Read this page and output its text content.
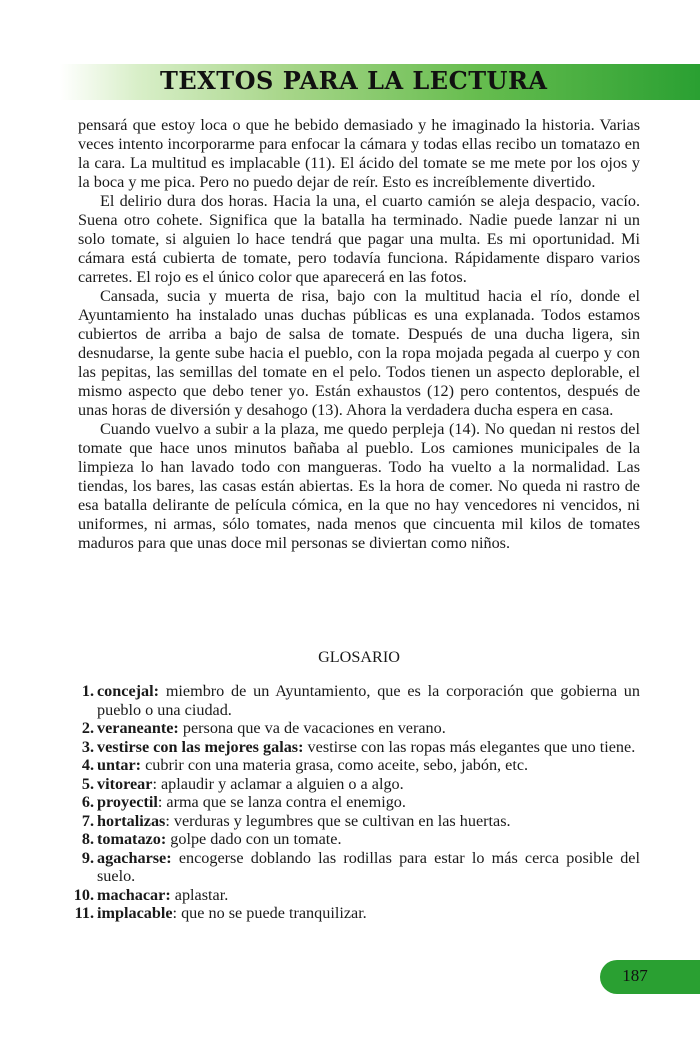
TEXTOS PARA LA LECTURA

pensará que estoy loca o que he bebido demasiado y he imaginado la historia. Varias veces intento incorporarme para enfocar la cámara y todas ellas recibo un tomatazo en la cara. La multitud es implacable (11). El ácido del tomate se me mete por los ojos y la boca y me pica. Pero no puedo dejar de reír. Esto es increíblemente divertido.

El delirio dura dos horas. Hacia la una, el cuarto camión se aleja despacio, vacío. Suena otro cohete. Significa que la batalla ha terminado. Nadie puede lanzar ni un solo tomate, si alguien lo hace tendrá que pagar una multa. Es mi oportunidad. Mi cámara está cubierta de tomate, pero todavía funciona. Rápidamente disparo varios carretes. El rojo es el único color que aparecerá en las fotos.

Cansada, sucia y muerta de risa, bajo con la multitud hacia el río, donde el Ayuntamiento ha instalado unas duchas públicas es una explanada. Todos estamos cubiertos de arriba a bajo de salsa de tomate. Después de una ducha ligera, sin desnudarse, la gente sube hacia el pueblo, con la ropa mojada pegada al cuerpo y con las pepitas, las semillas del tomate en el pelo. Todos tienen un aspecto deplorable, el mismo aspecto que debo tener yo. Están exhaustos (12) pero contentos, después de unas horas de diversión y desahogo (13). Ahora la verdadera ducha espera en casa.

Cuando vuelvo a subir a la plaza, me quedo perpleja (14). No quedan ni restos del tomate que hace unos minutos bañaba al pueblo. Los camiones municipales de la limpieza lo han lavado todo con mangueras. Todo ha vuelto a la normalidad. Las tiendas, los bares, las casas están abiertas. Es la hora de comer. No queda ni rastro de esa batalla delirante de película cómica, en la que no hay vencedores ni vencidos, ni uniformes, ni armas, sólo tomates, nada menos que cincuenta mil kilos de tomates maduros para que unas doce mil personas se diviertan como niños.

GLOSARIO
1. concejal: miembro de un Ayuntamiento, que es la corporación que gobierna un pueblo o una ciudad.
2. veraneante: persona que va de vacaciones en verano.
3. vestirse con las mejores galas: vestirse con las ropas más elegantes que uno tiene.
4. untar: cubrir con una materia grasa, como aceite, sebo, jabón, etc.
5. vitorear: aplaudir y aclamar a alguien o a algo.
6. proyectil: arma que se lanza contra el enemigo.
7. hortalizas: verduras y legumbres que se cultivan en las huertas.
8. tomatazo: golpe dado con un tomate.
9. agacharse: encogerse doblando las rodillas para estar lo más cerca posible del suelo.
10. machacar: aplastar.
11. implacable: que no se puede tranquilizar.
187
